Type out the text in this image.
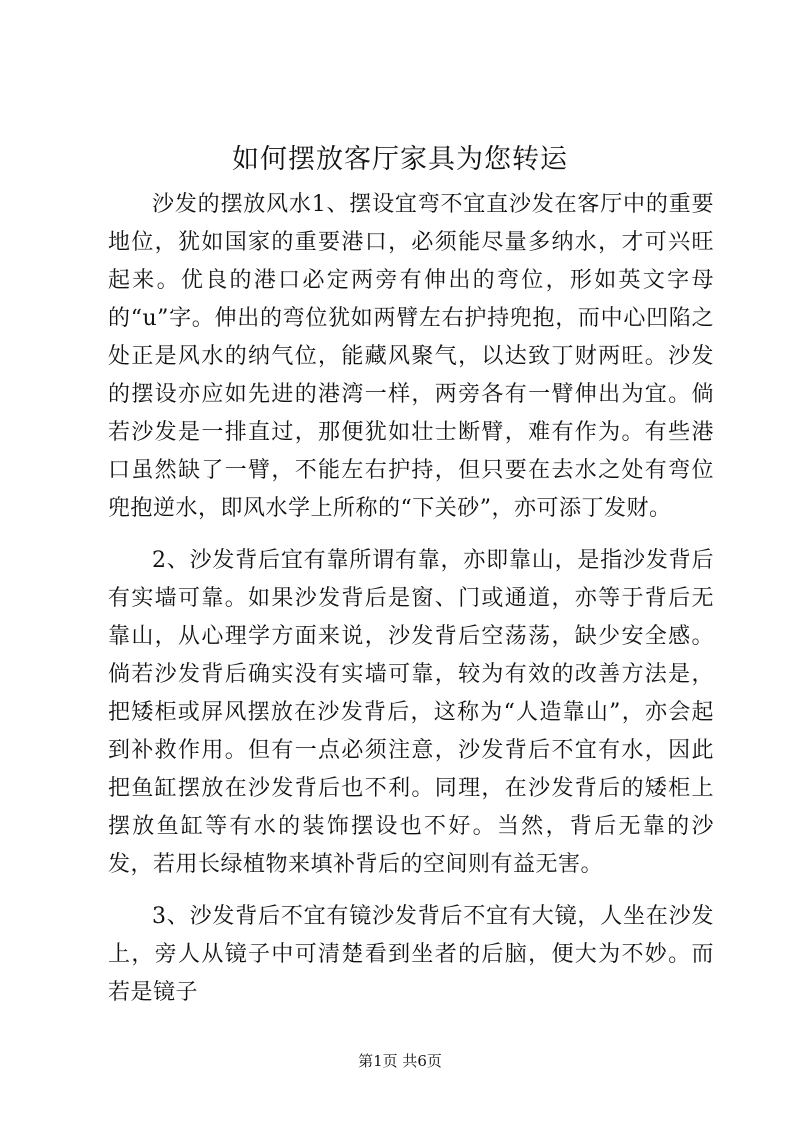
如何摆放客厅家具为您转运

沙发的摆放风水1、摆设宜弯不宜直沙发在客厅中的重要地位，犹如国家的重要港口，必须能尽量多纳水，才可兴旺起来。优良的港口必定两旁有伸出的弯位，形如英文字母的“u”字。伸出的弯位犹如两臂左右护持兜抱，而中心凹陷之处正是风水的纳气位，能藏风聚气，以达致丁财两旺。沙发的摆设亦应如先进的港湾一样，两旁各有一臂伸出为宜。倘若沙发是一排直过，那便犹如壮士断臂，难有作为。有些港口虽然缺了一臂，不能左右护持，但只要在去水之处有弯位兜抱逆水，即风水学上所称的“下关砂”，亦可添丁发财。

2、沙发背后宜有靠所谓有靠，亦即靠山，是指沙发背后有实墙可靠。如果沙发背后是窗、门或通道，亦等于背后无靠山，从心理学方面来说，沙发背后空荡荡，缺少安全感。倘若沙发背后确实没有实墙可靠，较为有效的改善方法是，把矮柜或屏风摆放在沙发背后，这称为“人造靠山”，亦会起到补救作用。但有一点必须注意，沙发背后不宜有水，因此把鱼缸摆放在沙发背后也不利。同理，在沙发背后的矮柜上摆放鱼缸等有水的装饰摆设也不好。当然，背后无靠的沙发，若用长绿植物来填补背后的空间则有益无害。

3、沙发背后不宜有镜沙发背后不宜有大镜，人坐在沙发上，旁人从镜子中可清楚看到坐者的后脑，便大为不妙。而若是镜子

第1页 共6页
